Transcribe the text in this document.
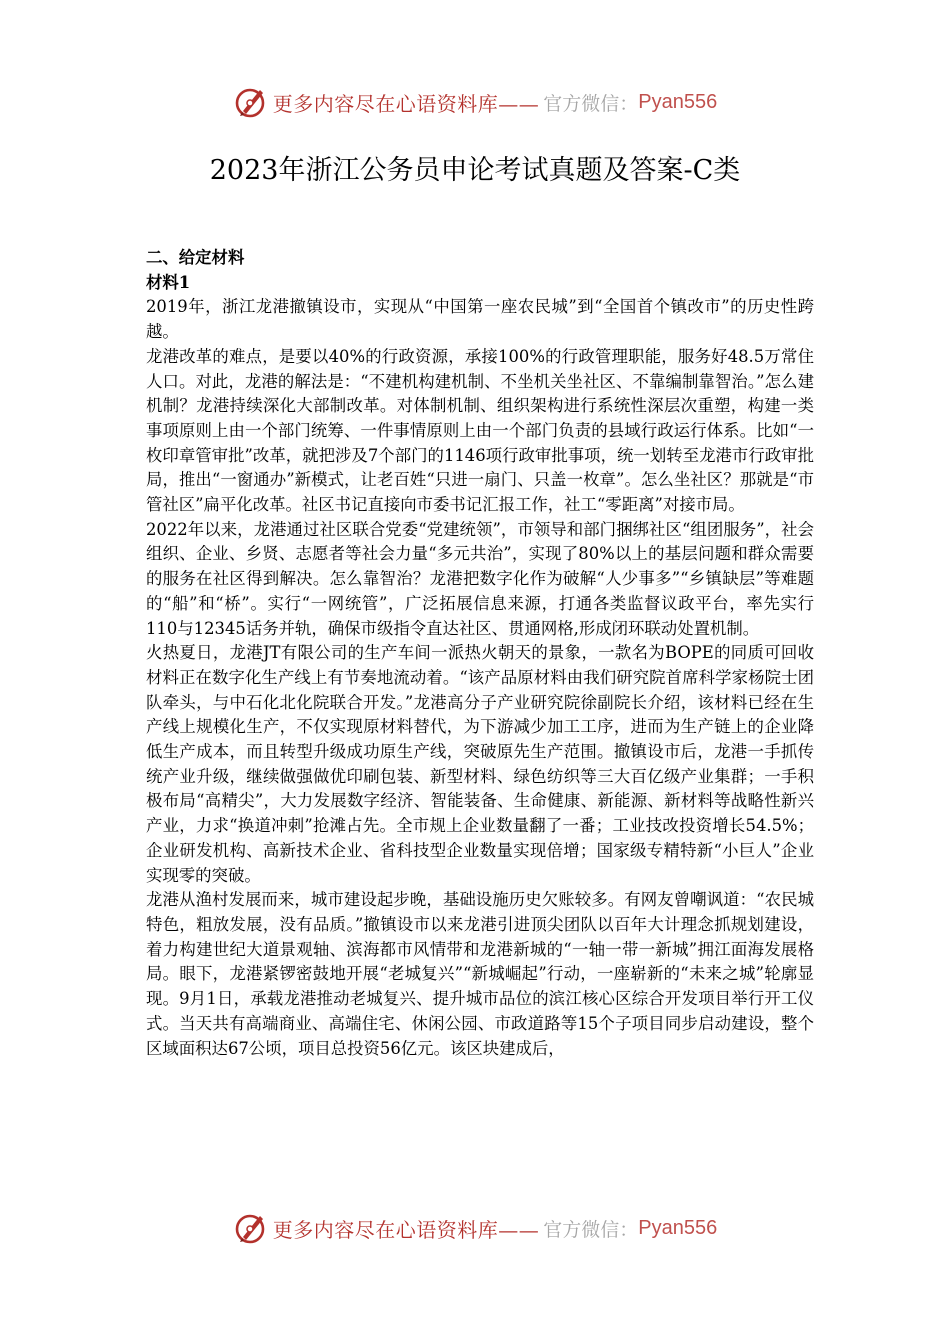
更多内容尽在心语资料库—— 官方微信： Pyan556
2023年浙江公务员申论考试真题及答案-C类

二、给定材料

材料1

2019年，浙江龙港撤镇设市，实现从“中国第一座农民城”到“全国首个镇改市”的历史性跨越。

龙港改革的难点，是要以40%的行政资源，承接100%的行政管理职能，服务好48.5万常住人口。对此，龙港的解法是：“不建机构建机制、不坐机关坐社区、不靠编制靠智治。”怎么建机制？龙港持续深化大部制改革。对体制机制、组织架构进行系统性深层次重塑，构建一类事项原则上由一个部门统筹、一件事情原则上由一个部门负责的县域行政运行体系。比如“一枚印章管审批”改革，就把涉及7个部门的1146项行政审批事项，统一划转至龙港市行政审批局，推出“一窗通办”新模式，让老百姓“只进一扇门、只盖一枚章”。怎么坐社区？那就是“市管社区”扁平化改革。社区书记直接向市委书记汇报工作，社工“零距离”对接市局。

2022年以来，龙港通过社区联合党委“党建统领”，市领导和部门捆绑社区“组团服务”，社会组织、企业、乡贤、志愿者等社会力量“多元共治”，实现了80%以上的基层问题和群众需要的服务在社区得到解决。怎么靠智治？龙港把数字化作为破解“人少事多”“乡镇缺层”等难题的“船”和“桥”。实行“一网统管”，广泛拓展信息来源，打通各类监督议政平台，率先实行110与12345话务并轨，确保市级指令直达社区、贯通网格,形成闭环联动处置机制。

火热夏日，龙港JT有限公司的生产车间一派热火朝天的景象，一款名为BOPE的同质可回收材料正在数字化生产线上有节奏地流动着。“该产品原材料由我们研究院首席科学家杨院士团队牵头，与中石化北化院联合开发。”龙港高分子产业研究院徐副院长介绍，该材料已经在生产线上规模化生产，不仅实现原材料替代，为下游减少加工工序，进而为生产链上的企业降低生产成本，而且转型升级成功原生产线，突破原先生产范围。撤镇设市后，龙港一手抓传统产业升级，继续做强做优印刷包装、新型材料、绿色纺织等三大百亿级产业集群；一手积极布局“高精尖”，大力发展数字经济、智能装备、生命健康、新能源、新材料等战略性新兴产业，力求“换道冲刺”抢滩占先。全市规上企业数量翻了一番；工业技改投资增长54.5%；企业研发机构、高新技术企业、省科技型企业数量实现倍增；国家级专精特新“小巨人”企业实现零的突破。

龙港从渔村发展而来，城市建设起步晚，基础设施历史欠账较多。有网友曾嘲讽道：“农民城特色，粗放发展，没有品质。”撤镇设市以来龙港引进顶尖团队以百年大计理念抓规划建设，着力构建世纪大道景观轴、滨海都市风情带和龙港新城的“一轴一带一新城”拥江面海发展格局。眼下，龙港紧锣密鼓地开展“老城复兴”“新城崛起”行动，一座崭新的“未来之城”轮廓显现。9月1日，承载龙港推动老城复兴、提升城市品位的滨江核心区综合开发项目举行开工仪式。当天共有高端商业、高端住宅、休闲公园、市政道路等15个子项目同步启动建设，整个区域面积达67公顷，项目总投资56亿元。该区块建成后，

更多内容尽在心语资料库—— 官方微信： Pyan556
